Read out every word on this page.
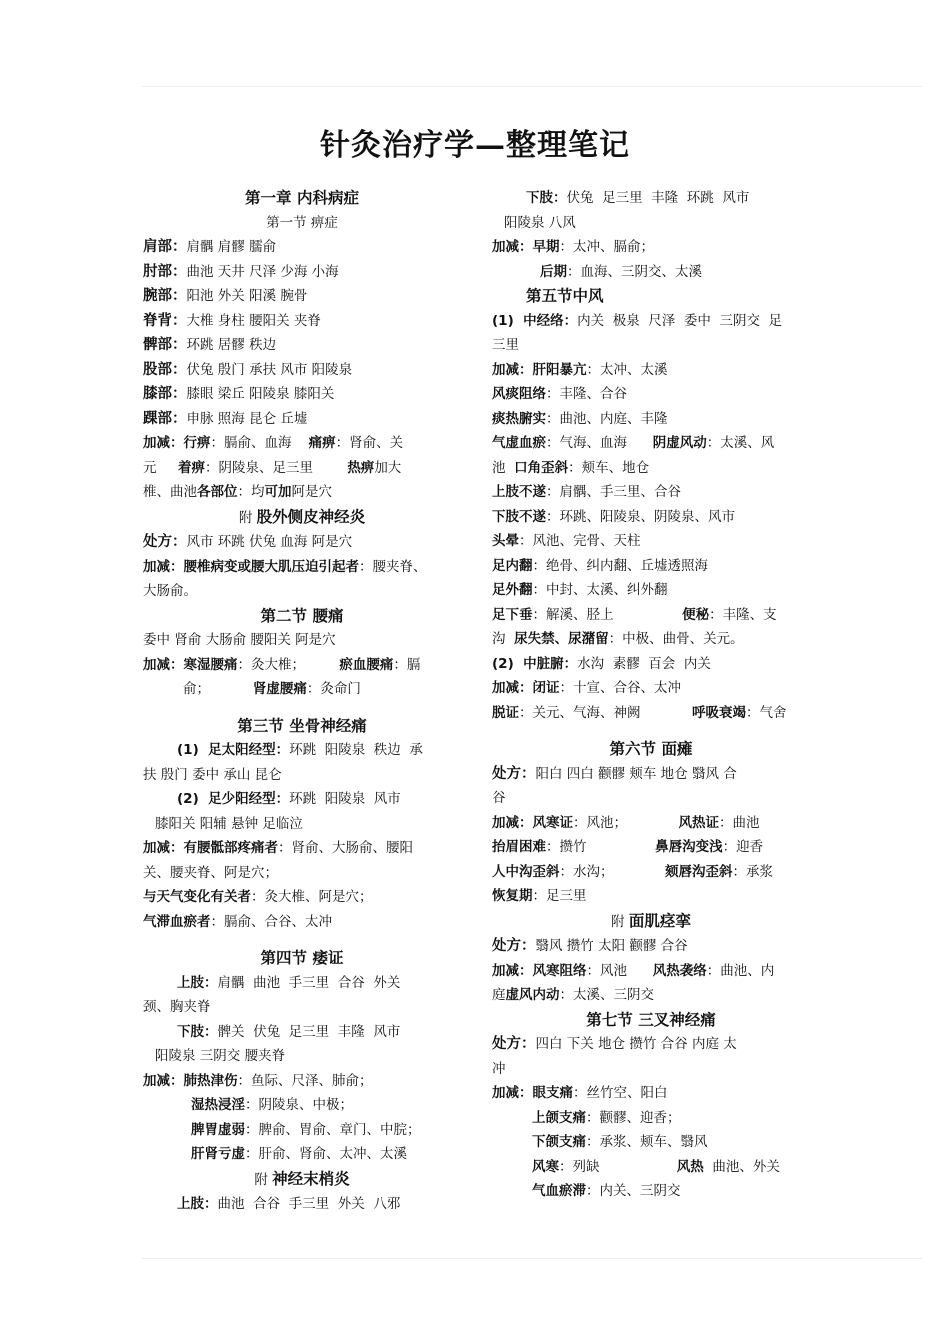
针灸治疗学—整理笔记
第一章 内科病症
第一节 痹症
肩部：肩髃 肩髎 臑俞
肘部：曲池 天井 尺泽 少海 小海
腕部：阳池 外关 阳溪 腕骨
脊背：大椎 身柱 腰阳关 夹脊
髀部：环跳 居髎 秩边
股部：伏兔 殷门 承扶 风市 阳陵泉
膝部：膝眼 梁丘 阳陵泉 膝阳关
踝部：申脉 照海 昆仑 丘墟
加减：行痹：膈俞、血海    痛痹：肾俞、关
元     着痹：阴陵泉、足三里        热痹加大
椎、曲池各部位：均可加阿是穴
附 股外侧皮神经炎
处方：风市 环跳 伏兔 血海 阿是穴
加减：腰椎病变或腰大肌压迫引起者：腰夹脊、
大肠俞。
第二节 腰痛
委中 肾俞 大肠俞 腰阳关 阿是穴
加减：寒湿腰痛：灸大椎；        瘀血腰痛：膈
俞；          肾虚腰痛：灸命门
第三节 坐骨神经痛
(1)  足太阳经型：环跳  阳陵泉  秩边  承
扶 殷门 委中 承山 昆仑
(2)  足少阳经型：环跳  阳陵泉  风市
膝阳关 阳辅 悬钟 足临泣
加减：有腰骶部疼痛者：肾俞、大肠俞、腰阳
关、腰夹脊、阿是穴；
与天气变化有关者：灸大椎、阿是穴；
气滞血瘀者：膈俞、合谷、太冲
第四节 痿证
上肢：肩髃  曲池  手三里  合谷  外关
颈、胸夹脊
下肢：髀关  伏兔  足三里  丰隆  风市
阳陵泉 三阴交 腰夹脊
加减：肺热津伤：鱼际、尺泽、肺俞；
湿热浸淫：阴陵泉、中极；
脾胃虚弱：脾俞、胃俞、章门、中脘；
肝肾亏虚：肝俞、肾俞、太冲、太溪
附 神经末梢炎
上肢：曲池  合谷  手三里  外关  八邪
下肢：伏兔  足三里  丰隆  环跳  风市
阳陵泉 八风
加减：早期：太冲、膈俞；
后期：血海、三阴交、太溪
第五节中风
(1)  中经络：内关  极泉  尺泽  委中  三阴交  足
三里
加减：肝阳暴亢：太冲、太溪
风痰阻络：丰隆、合谷
痰热腑实：曲池、内庭、丰隆
气虚血瘀：气海、血海      阴虚风动：太溪、风
池  口角歪斜：颊车、地仓
上肢不遂：肩髃、手三里、合谷
下肢不遂：环跳、阳陵泉、阴陵泉、风市
头晕：风池、完骨、天柱
足内翻：绝骨、纠内翻、丘墟透照海
足外翻：中封、太溪、纠外翻
足下垂：解溪、胫上                便秘：丰隆、支
沟  尿失禁、尿潴留：中极、曲骨、关元。
(2)  中脏腑：水沟  素髎  百会  内关
加减：闭证：十宣、合谷、太冲
脱证：关元、气海、神阙            呼吸衰竭：气舍
第六节 面瘫
处方：阳白 四白 颧髎 颊车 地仓 翳风 合
谷
加减：风寒证：风池；            风热证：曲池
抬眉困难：攒竹                鼻唇沟变浅：迎香
人中沟歪斜：水沟；            颏唇沟歪斜：承浆
恢复期：足三里
附 面肌痉挛
处方：翳风 攒竹 太阳 颧髎 合谷
加减：风寒阻络：风池      风热袭络：曲池、内
庭虚风内动：太溪、三阴交
第七节 三叉神经痛
处方：四白 下关 地仓 攒竹 合谷 内庭 太
冲
加减：眼支痛：丝竹空、阳白
上颌支痛：颧髎、迎香；
下颌支痛：承浆、颊车、翳风
风寒：列缺                  风热  曲池、外关
气血瘀滞：内关、三阴交
